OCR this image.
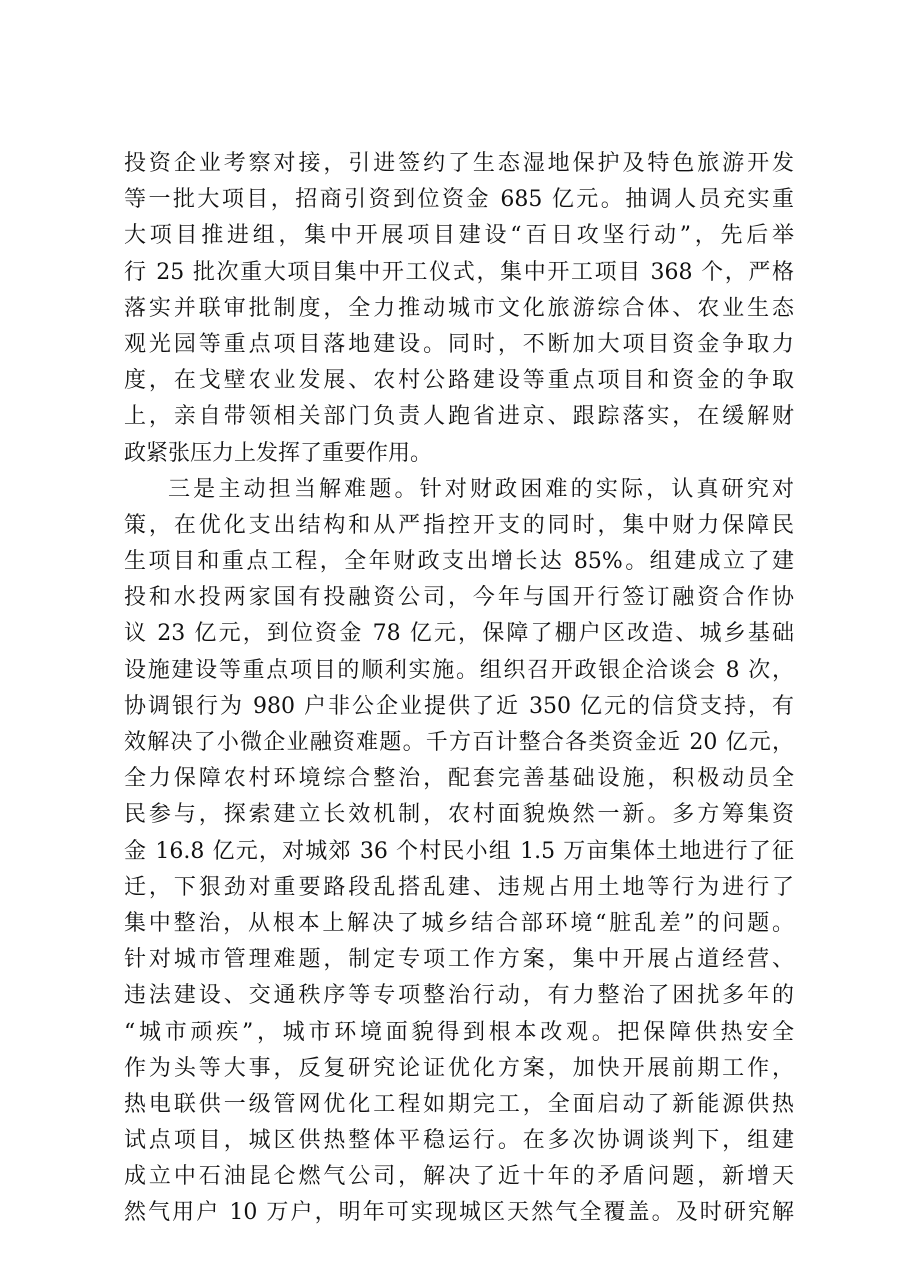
投资企业考察对接，引进签约了生态湿地保护及特色旅游开发
等一批大项目，招商引资到位资金 685 亿元。抽调人员充实重
大项目推进组，集中开展项目建设“百日攻坚行动”，先后举
行 25 批次重大项目集中开工仪式，集中开工项目 368 个，严格
落实并联审批制度，全力推动城市文化旅游综合体、农业生态
观光园等重点项目落地建设。同时，不断加大项目资金争取力
度，在戈壁农业发展、农村公路建设等重点项目和资金的争取
上，亲自带领相关部门负责人跑省进京、跟踪落实，在缓解财
政紧张压力上发挥了重要作用。
三是主动担当解难题。针对财政困难的实际，认真研究对
策，在优化支出结构和从严指控开支的同时，集中财力保障民
生项目和重点工程，全年财政支出增长达 85%。组建成立了建
投和水投两家国有投融资公司，今年与国开行签订融资合作协
议 23 亿元，到位资金 78 亿元，保障了棚户区改造、城乡基础
设施建设等重点项目的顺利实施。组织召开政银企洽谈会 8 次，
协调银行为 980 户非公企业提供了近 350 亿元的信贷支持，有
效解决了小微企业融资难题。千方百计整合各类资金近 20 亿元，
全力保障农村环境综合整治，配套完善基础设施，积极动员全
民参与，探索建立长效机制，农村面貌焕然一新。多方筹集资
金 16.8 亿元，对城郊 36 个村民小组 1.5 万亩集体土地进行了征
迁，下狠劲对重要路段乱搭乱建、违规占用土地等行为进行了
集中整治，从根本上解决了城乡结合部环境“脏乱差”的问题。
针对城市管理难题，制定专项工作方案，集中开展占道经营、
违法建设、交通秩序等专项整治行动，有力整治了困扰多年的
“城市顽疾”，城市环境面貌得到根本改观。把保障供热安全
作为头等大事，反复研究论证优化方案，加快开展前期工作，
热电联供一级管网优化工程如期完工，全面启动了新能源供热
试点项目，城区供热整体平稳运行。在多次协调谈判下，组建
成立中石油昆仑燃气公司，解决了近十年的矛盾问题，新增天
然气用户 10 万户，明年可实现城区天然气全覆盖。及时研究解
